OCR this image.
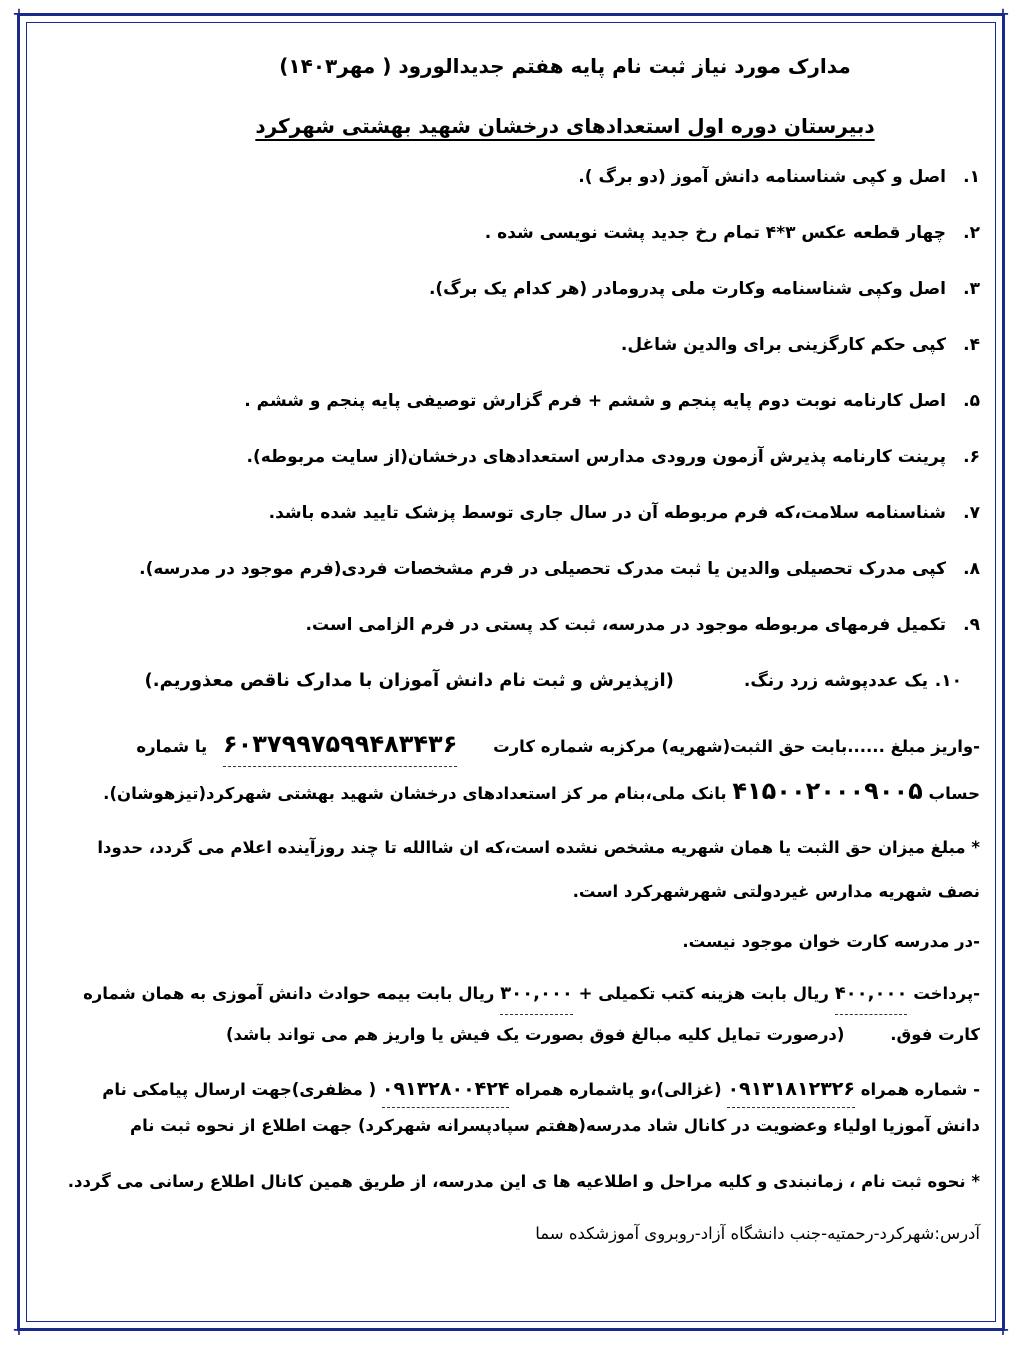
✛	✛
✛	✛
مدارک مورد نیاز ثبت نام پایه هفتم جدیدالورود ( مهر۱۴۰۳)
دبیرستان دوره اول استعدادهای درخشان شهید بهشتی شهرکرد
۱.اصل و کپی شناسنامه دانش آموز (دو برگ ).
۲.چهار قطعه عکس ۳*۴ تمام رخ جدید پشت نویسی شده .
۳.اصل وکپی شناسنامه وکارت ملی پدرومادر (هر کدام یک برگ).
۴.کپی حکم کارگزینی برای والدین شاغل.
۵.اصل کارنامه نوبت دوم پایه پنجم و ششم + فرم گزارش توصیفی پایه پنجم و ششم .
۶.پرینت کارنامه پذیرش آزمون ورودی مدارس استعدادهای درخشان(از سایت مربوطه).
۷.شناسنامه سلامت،که فرم مربوطه آن در سال جاری توسط پزشک تایید شده باشد.
۸.کپی مدرک تحصیلی والدین یا ثبت مدرک تحصیلی در فرم مشخصات فردی(فرم موجود در مدرسه).
۹.تکمیل فرمهای مربوطه موجود در مدرسه، ثبت کد پستی در فرم الزامی است.
۱۰.یک عددپوشه زرد رنگ.
(ازپذیرش و ثبت نام دانش آموزان با مدارک ناقص معذوریم.)
-واریز مبلغ ......بابت حق الثبت(شهریه) مرکزبه شماره کارت ۶۰۳۷۹۹۷۵۹۹۴۸۳۴۳۶ یا شماره
حساب ۴۱۵۰۰۲۰۰۰۹۰۰۵ بانک ملی،بنام مر کز استعدادهای درخشان شهید بهشتی شهرکرد(تیزهوشان).
* مبلغ میزان حق الثبت یا همان شهریه مشخص نشده است،که ان شاالله تا چند روزآینده اعلام می گردد، حدودا نصف شهریه مدارس غیردولتی شهرشهرکرد است.
-در مدرسه کارت خوان موجود نیست.
-پرداخت ۴۰۰,۰۰۰ ریال بابت هزینه کتب تکمیلی + ۳۰۰,۰۰۰ ریال بابت بیمه حوادث دانش آموزی به همان شماره کارت فوق. (درصورت تمایل کلیه مبالغ فوق بصورت یک فیش یا واریز هم می تواند باشد)
- شماره همراه ۰۹۱۳۱۸۱۲۳۲۶ (غزالی)،و یاشماره همراه ۰۹۱۳۲۸۰۰۴۲۴ ( مظفری)جهت ارسال پیامکی نام دانش آموزیا اولیاء وعضویت در کانال شاد مدرسه(هفتم سپادپسرانه شهرکرد) جهت اطلاع از نحوه ثبت نام
* نحوه ثبت نام ، زمانبندی و کلیه مراحل و اطلاعیه ها ی این مدرسه، از طریق همین کانال اطلاع رسانی می گردد.
آدرس:شهرکرد-رحمتیه-جنب دانشگاه آزاد-روبروی آموزشکده سما
